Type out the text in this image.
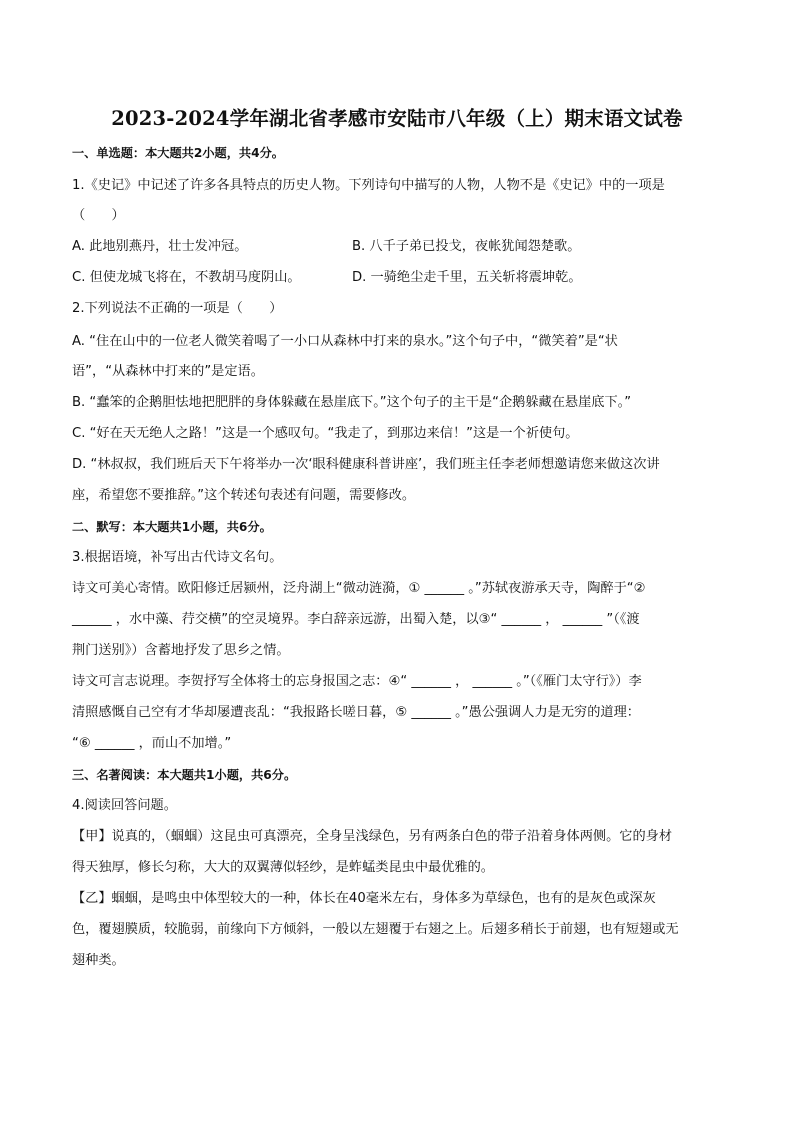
2023-2024学年湖北省孝感市安陆市八年级（上）期末语文试卷
一、单选题：本大题共2小题，共4分。
1.《史记》中记述了许多各具特点的历史人物。下列诗句中描写的人物，人物不是《史记》中的一项是
（　　）
A. 此地别燕丹，壮士发冲冠。	B. 八千子弟已投戈，夜帐犹闻怨楚歌。
C. 但使龙城飞将在，不教胡马度阴山。	D. 一骑绝尘走千里，五关斩将震坤乾。
2.下列说法不正确的一项是（　　）
A. “住在山中的一位老人微笑着喝了一小口从森林中打来的泉水。”这个句子中，“微笑着”是“状
语”，“从森林中打来的”是定语。
B. “蠢笨的企鹅胆怯地把肥胖的身体躲藏在悬崖底下。”这个句子的主干是“企鹅躲藏在悬崖底下。”
C. “好在天无绝人之路！”这是一个感叹句。“我走了，到那边来信！”这是一个祈使句。
D. “林叔叔，我们班后天下午将举办一次‘眼科健康科普讲座’，我们班主任李老师想邀请您来做这次讲
座，希望您不要推辞。”这个转述句表述有问题，需要修改。
二、默写：本大题共1小题，共6分。
3.根据语境，补写出古代诗文名句。
诗文可美心寄情。欧阳修迁居颍州，泛舟湖上“微动涟漪，① ______ 。”苏轼夜游承天寺，陶醉于“②
______ ，水中藻、荇交横”的空灵境界。李白辞亲远游，出蜀入楚，以③“ ______ ， ______ ”（《渡
荆门送别》）含蓄地抒发了思乡之情。
诗文可言志说理。李贺抒写全体将士的忘身报国之志：④“ ______ ， ______ 。”（《雁门太守行》）李
清照感慨自己空有才华却屡遭丧乱：“我报路长嗟日暮，⑤ ______ 。”愚公强调人力是无穷的道理：
“⑥ ______ ，而山不加增。”
三、名著阅读：本大题共1小题，共6分。
4.阅读回答问题。
【甲】说真的，（蝈蝈）这昆虫可真漂亮，全身呈浅绿色，另有两条白色的带子沿着身体两侧。它的身材
得天独厚，修长匀称，大大的双翼薄似轻纱，是蚱蜢类昆虫中最优雅的。
【乙】蝈蝈，是鸣虫中体型较大的一种，体长在40毫米左右，身体多为草绿色，也有的是灰色或深灰
色，覆翅膜质，较脆弱，前缘向下方倾斜，一般以左翅覆于右翅之上。后翅多稍长于前翅，也有短翅或无
翅种类。
